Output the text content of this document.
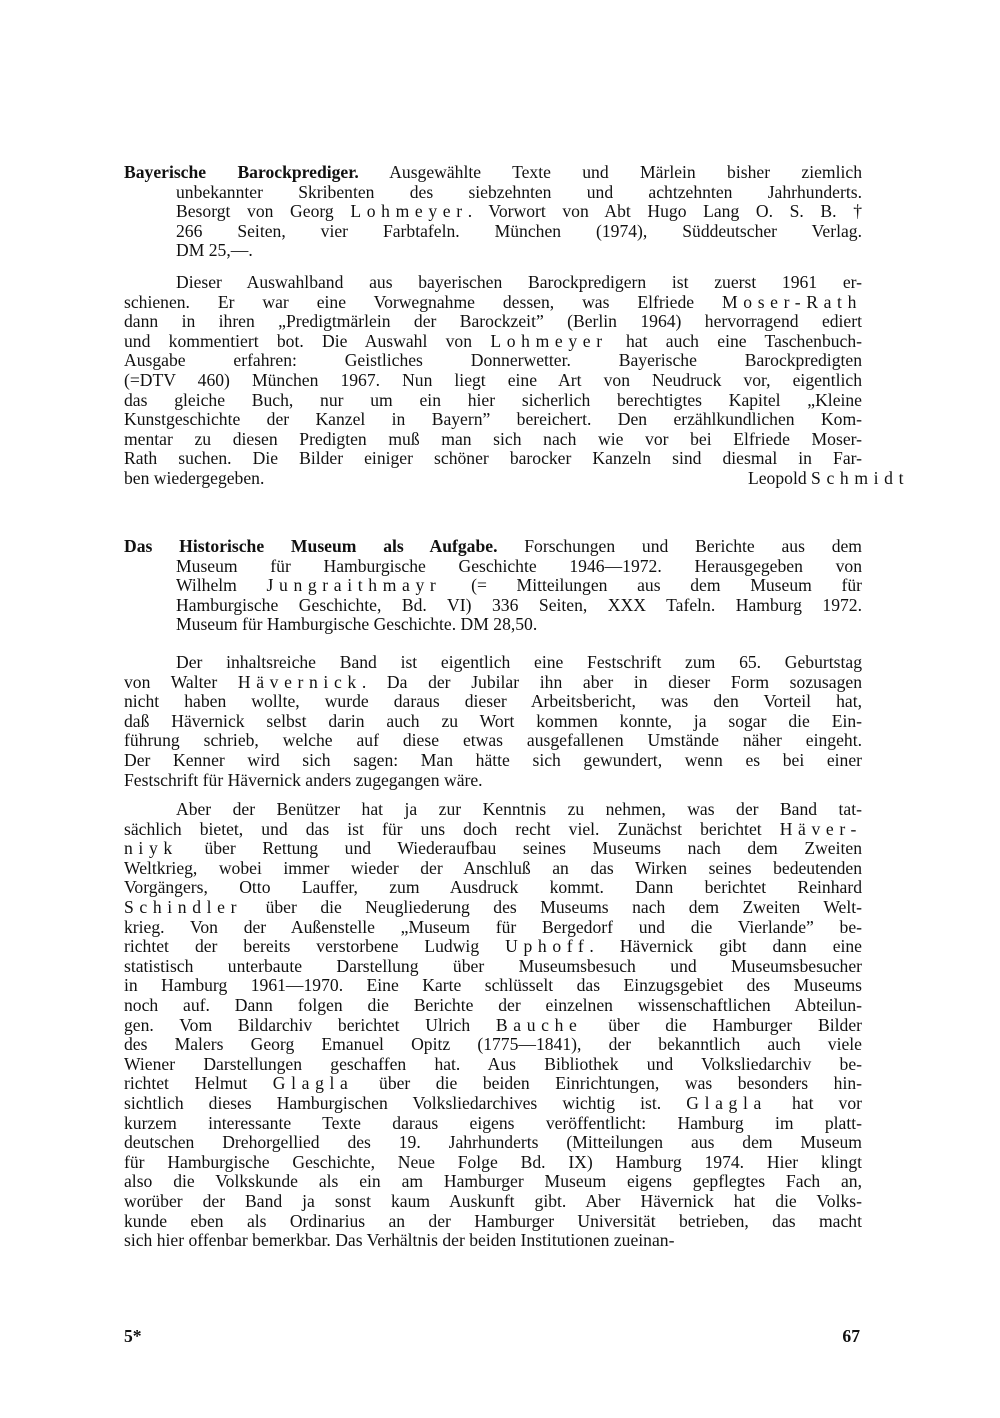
Bayerische Barockprediger. Ausgewählte Texte und Märlein bisher ziemlich
unbekannter Skribenten des siebzehnten und achtzehnten Jahrhunderts.
Besorgt von Georg Lohmeyer. Vorwort von Abt Hugo Lang O. S. B. †
266 Seiten, vier Farbtafeln. München (1974), Süddeutscher Verlag.
DM 25,—.
Dieser Auswahlband aus bayerischen Barockpredigern ist zuerst 1961 er-
schienen. Er war eine Vorwegnahme dessen, was Elfriede Moser-Rath
dann in ihren „Predigtmärlein der Barockzeit” (Berlin 1964) hervorragend ediert
und kommentiert bot. Die Auswahl von Lohmeyer hat auch eine Taschenbuch-
Ausgabe erfahren: Geistliches Donnerwetter. Bayerische Barockpredigten
(=DTV 460) München 1967. Nun liegt eine Art von Neudruck vor, eigentlich
das gleiche Buch, nur um ein hier sicherlich berechtigtes Kapitel „Kleine
Kunstgeschichte der Kanzel in Bayern” bereichert. Den erzählkundlichen Kom-
mentar zu diesen Predigten muß man sich nach wie vor bei Elfriede Moser-
Rath suchen. Die Bilder einiger schöner barocker Kanzeln sind diesmal in Far-
ben wiedergegeben.	Leopold Schmidt
Das Historische Museum als Aufgabe. Forschungen und Berichte aus dem
Museum für Hamburgische Geschichte 1946—1972. Herausgegeben von
Wilhelm Jungraithmayr (= Mitteilungen aus dem Museum für
Hamburgische Geschichte, Bd. VI) 336 Seiten, XXX Tafeln. Hamburg 1972.
Museum für Hamburgische Geschichte. DM 28,50.
Der inhaltsreiche Band ist eigentlich eine Festschrift zum 65. Geburtstag
von Walter Hävernick. Da der Jubilar ihn aber in dieser Form sozusagen
nicht haben wollte, wurde daraus dieser Arbeitsbericht, was den Vorteil hat,
daß Hävernick selbst darin auch zu Wort kommen konnte, ja sogar die Ein-
führung schrieb, welche auf diese etwas ausgefallenen Umstände näher eingeht.
Der Kenner wird sich sagen: Man hätte sich gewundert, wenn es bei einer
Festschrift für Hävernick anders zugegangen wäre.
Aber der Benützer hat ja zur Kenntnis zu nehmen, was der Band tat-
sächlich bietet, und das ist für uns doch recht viel. Zunächst berichtet Häver-
niyk über Rettung und Wiederaufbau seines Museums nach dem Zweiten
Weltkrieg, wobei immer wieder der Anschluß an das Wirken seines bedeutenden
Vorgängers, Otto Lauffer, zum Ausdruck kommt. Dann berichtet Reinhard
Schindler über die Neugliederung des Museums nach dem Zweiten Welt-
krieg. Von der Außenstelle „Museum für Bergedorf und die Vierlande” be-
richtet der bereits verstorbene Ludwig Uphoff. Hävernick gibt dann eine
statistisch unterbaute Darstellung über Museumsbesuch und Museumsbesucher
in Hamburg 1961—1970. Eine Karte schlüsselt das Einzugsgebiet des Museums
noch auf. Dann folgen die Berichte der einzelnen wissenschaftlichen Abteilun-
gen. Vom Bildarchiv berichtet Ulrich Bauche über die Hamburger Bilder
des Malers Georg Emanuel Opitz (1775—1841), der bekanntlich auch viele
Wiener Darstellungen geschaffen hat. Aus Bibliothek und Volksliedarchiv be-
richtet Helmut Glagla über die beiden Einrichtungen, was besonders hin-
sichtlich dieses Hamburgischen Volksliedarchives wichtig ist. Glagla hat vor
kurzem interessante Texte daraus eigens veröffentlicht: Hamburg im platt-
deutschen Drehorgellied des 19. Jahrhunderts (Mitteilungen aus dem Museum
für Hamburgische Geschichte, Neue Folge Bd. IX) Hamburg 1974. Hier klingt
also die Volkskunde als ein am Hamburger Museum eigens gepflegtes Fach an,
worüber der Band ja sonst kaum Auskunft gibt. Aber Hävernick hat die Volks-
kunde eben als Ordinarius an der Hamburger Universität betrieben, das macht
sich hier offenbar bemerkbar. Das Verhältnis der beiden Institutionen zueinan-
5*	67
